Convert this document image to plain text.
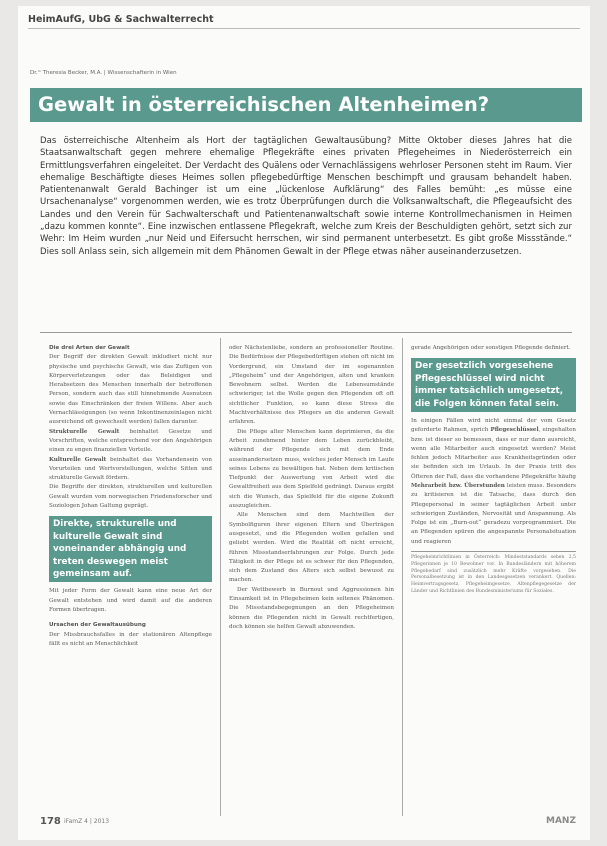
HeimAufG, UbG & Sachwalterrecht
Dr.ⁱⁿ Theresia Becker, M.A. | Wissenschafterin in Wien
Gewalt in österreichischen Altenheimen?

Das österreichische Altenheim als Hort der tagtäglichen Gewaltausübung? Mitte Oktober dieses Jahres hat die Staatsanwaltschaft gegen mehrere ehemalige Pflegekräfte eines privaten Pflegeheimes in Niederösterreich ein Ermittlungsverfahren eingeleitet. Der Verdacht des Quälens oder Vernachlässigens wehrloser Personen steht im Raum. Vier ehemalige Beschäftigte dieses Heimes sollen pflegebedürftige Menschen beschimpft und grausam behandelt haben. Patientenanwalt Gerald Bachinger ist um eine „lückenlose Aufklärung“ des Falles bemüht: „es müsse eine Ursachenanalyse“ vorgenommen werden, wie es trotz Überprüfungen durch die Volksanwaltschaft, die Pflegeaufsicht des Landes und den Verein für Sachwalterschaft und Patientenanwaltschaft sowie interne Kontrollmechanismen in Heimen „dazu kommen konnte“. Eine inzwischen entlassene Pflegekraft, welche zum Kreis der Beschuldigten gehört, setzt sich zur Wehr: Im Heim wurden „nur Neid und Eifersucht herrschen, wir sind permanent unterbesetzt. Es gibt große Missstände.“ Dies soll Anlass sein, sich allgemein mit dem Phänomen Gewalt in der Pflege etwas näher auseinanderzusetzen.

Die drei Arten der Gewalt

Der Begriff der direkten Gewalt inkludiert nicht nur physische und psychische Gewalt, wie das Zufügen von Körperverletzungen oder das Beleidigen und Herabsetzen des Menschen innerhalb der betroffenen Person, sondern auch das still hinnehmende Ausnutzen sowie das Einschränken der freien Willens. Aber auch Vernachlässigungen (so wenn Inkontinenzeinlagen nicht ausreichend oft gewechselt werden) fallen darunter.

Strukturelle Gewalt beinhaltet Gesetze und Vorschriften, welche entsprechend vor den Angehörigen einen zu engen finanziellen Vorteile.

Kulturelle Gewalt beinhaltet das Vorhandensein von Vorurteilen und Wertvorstellungen, welche Sitten und strukturelle Gewalt fördern.

Die Begriffe der direkten, strukturellen und kulturellen Gewalt wurden vom norwegischen Friedensforscher und Soziologen Johan Galtung geprägt.

Direkte, strukturelle und kulturelle Gewalt sind voneinander abhängig und treten deswegen meist gemeinsam auf.

Mit jeder Form der Gewalt kann eine neue Art der Gewalt entstehen und wird damit auf die anderen Formen übertragen.

Ursachen der Gewaltausübung

Der Missbrauchsfalles in der stationären Altenpflege fällt es nicht an Menschlichkeit

oder Nächstenliebe, sondern an professioneller Routine. Die Bedürfnisse der Pflegebedürftigen stehen oft nicht im Vordergrund, ein Umstand der im sogenannten „Pflegeheim“ und der Angehörigen, alten und kranken Bewohnern selbst. Werden die Lebensumstände schwieriger, ist die Wolle gegen den Pflegenden oft oft sichtlicher Funktion, so kann diese Stress die Machtverhältnisse des Pflegers an die anderen Gewalt erfahren.

Die Pflege alter Menschen kann deprimieren, da die Arbeit zunehmend hinter dem Leben zurückbleibt, während der Pflegende sich mit dem Ende auseinandersetzen muss, welches jeder Mensch im Laufe seines Lebens zu bewältigen hat. Neben dem kritischen Tiefpunkt der Auswertung von Arbeit wird die Gewaltfreiheit aus dem Spielfeld gedrängt. Daraus ergibt sich die Wunsch, das Spielfeld für die eigene Zukunft auszugleichen.

Alle Menschen sind dem Machtwillen der Symbolfiguren ihrer eigenen Eltern und Überträgen ausgesetzt, und die Pflegenden wollen gefallen und geliebt werden. Wird die Realität oft nicht erreicht, führen Missstandserfahrungen zur Folge. Durch jede Tätigkeit in der Pflege ist es schwer für den Pflegenden, sich dem Zustand des Alters sich selbst bewusst zu machen.

Der Wettbewerb in Burnout und Aggressionen hin Einsamkeit ist in Pflegeheimen kein seltenes Phänomen. Die Missstandsbegegnungen an den Pflegeheimen können die Pflegenden nicht in Gewalt rechtfertigen, doch können sie helfen Gewalt abzuwenden.

gerade Angehörigen oder sonstigen Pflegende definiert.

Der gesetzlich vorgesehene Pflegeschlüssel wird nicht immer tatsächlich umgesetzt, die Folgen können fatal sein.

In einigen Fällen wird nicht einmal der vom Gesetz geforderte Rahmen, sprich Pflegeschlüssel, eingehalten bzw. ist dieser so bemessen, dass er nur dann ausreicht, wenn alle Mitarbeiter auch eingesetzt werden? Meist fehlen jedoch Mitarbeiter aus Krankheitsgründen oder sie befinden sich im Urlaub. In der Praxis tritt des Öfteren der Fall, dass die vorhandene Pflegekräfte häufig Mehrarbeit bzw. Überstunden leisten muss. Besonders zu kritisieren ist die Tatsache, dass durch den Pflegepersonal in seiner tagtäglichen Arbeit unter schwierigen Zuständen, Nervosität und Anspannung. Als Folge ist ein „Burn-out“ geradezu vorprogrammiert. Die an Pflegenden spüren die angespannte Personalsituation und reagieren

Pflegeheimrichtlinien in Österreich: Mindeststandards sehen 2,5 Pflegerinnen je 10 Bewohner vor. In Bundesländern mit höherem Pflegebedarf sind zusätzlich mehr Kräfte vorgesehen. Die Personalbesetzung ist in den Landesgesetzen verankert. Quellen: Heimvertragsgesetz, Pflegeheimgesetze, Altenpflegegesetze der Länder und Richtlinien des Bundesministeriums für Soziales.
178 iFamZ 4 | 2013	MANZ
